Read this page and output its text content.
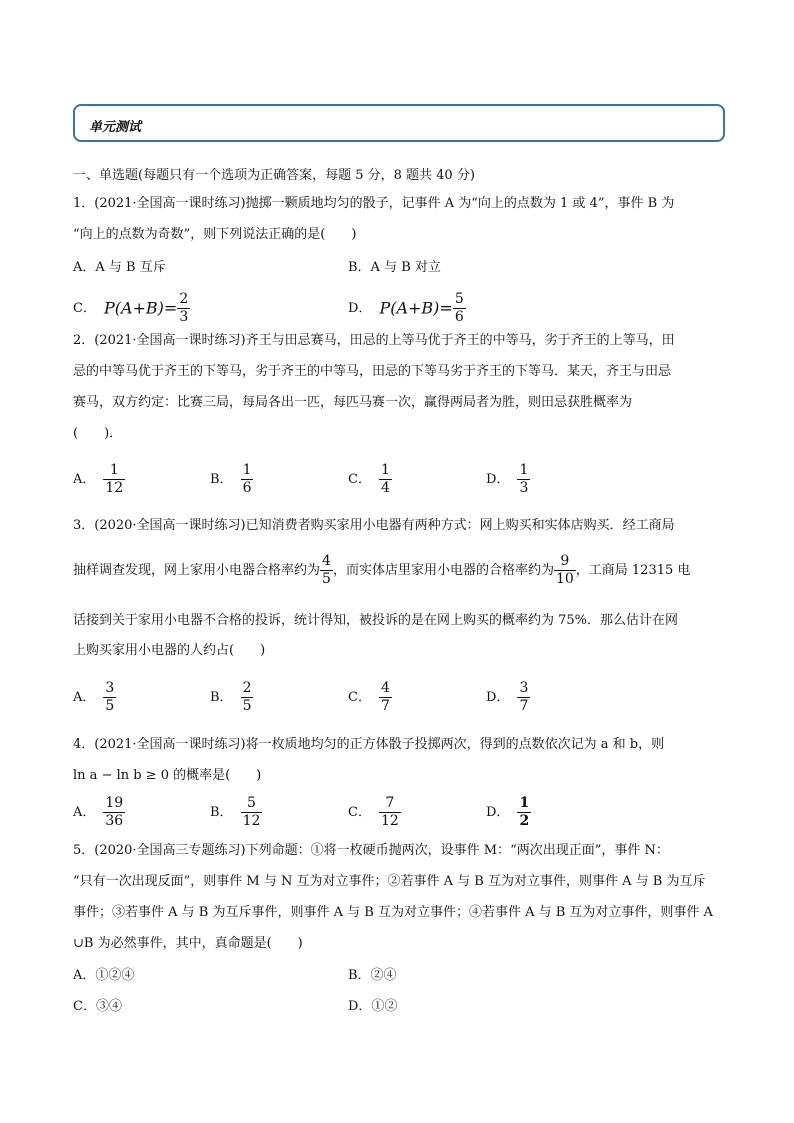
单元测试
一、单选题(每题只有一个选项为正确答案，每题 5 分，8 题共 40 分)
1．(2021·全国高一课时练习)抛掷一颗质地均匀的骰子，记事件 A 为“向上的点数为 1 或 4”，事件 B 为
“向上的点数为奇数”，则下列说法正确的是(　　)
A．A 与 B 互斥	B．A 与 B 对立
C． $P(A+B)= \frac{2}{3}$	D． $P(A+B)= \frac{5}{6}$
2．(2021·全国高一课时练习)齐王与田忌赛马，田忌的上等马优于齐王的中等马，劣于齐王的上等马，田
忌的中等马优于齐王的下等马，劣于齐王的中等马，田忌的下等马劣于齐王的下等马．某天，齐王与田忌
赛马，双方约定：比赛三局，每局各出一匹，每匹马赛一次，赢得两局者为胜，则田忌获胜概率为
(　　)．
A． $\frac{1}{12}$	B． $\frac{1}{6}$	C． $\frac{1}{4}$	D． $\frac{1}{3}$
3．(2020·全国高一课时练习)已知消费者购买家用小电器有两种方式：网上购买和实体店购买．经工商局
抽样调查发现，网上家用小电器合格率约为 $\frac{4}{5}$ ，而实体店里家用小电器的合格率约为 $\frac{9}{10}$ ，工商局 12315 电
话接到关于家用小电器不合格的投诉，统计得知，被投诉的是在网上购买的概率约为 75%．那么估计在网
上购买家用小电器的人约占(　　)
A． $\frac{3}{5}$	B． $\frac{2}{5}$	C． $\frac{4}{7}$	D． $\frac{3}{7}$
4．(2021·全国高一课时练习)将一枚质地均匀的正方体骰子投掷两次，得到的点数依次记为 a 和 b，则
ln a − ln b ≥ 0 的概率是(　　)
A． $\frac{19}{36}$	B． $\frac{5}{12}$	C． $\frac{7}{12}$	D． $\frac{1}{2}$
5．(2020·全国高三专题练习)下列命题：①将一枚硬币抛两次，设事件 M：“两次出现正面”，事件 N：
“只有一次出现反面”，则事件 M 与 N 互为对立事件；②若事件 A 与 B 互为对立事件，则事件 A 与 B 为互斥
事件；③若事件 A 与 B 为互斥事件，则事件 A 与 B 互为对立事件；④若事件 A 与 B 互为对立事件，则事件 A
∪B 为必然事件，其中，真命题是(　　)
A．①②④	B．②④
C．③④	D．①②
